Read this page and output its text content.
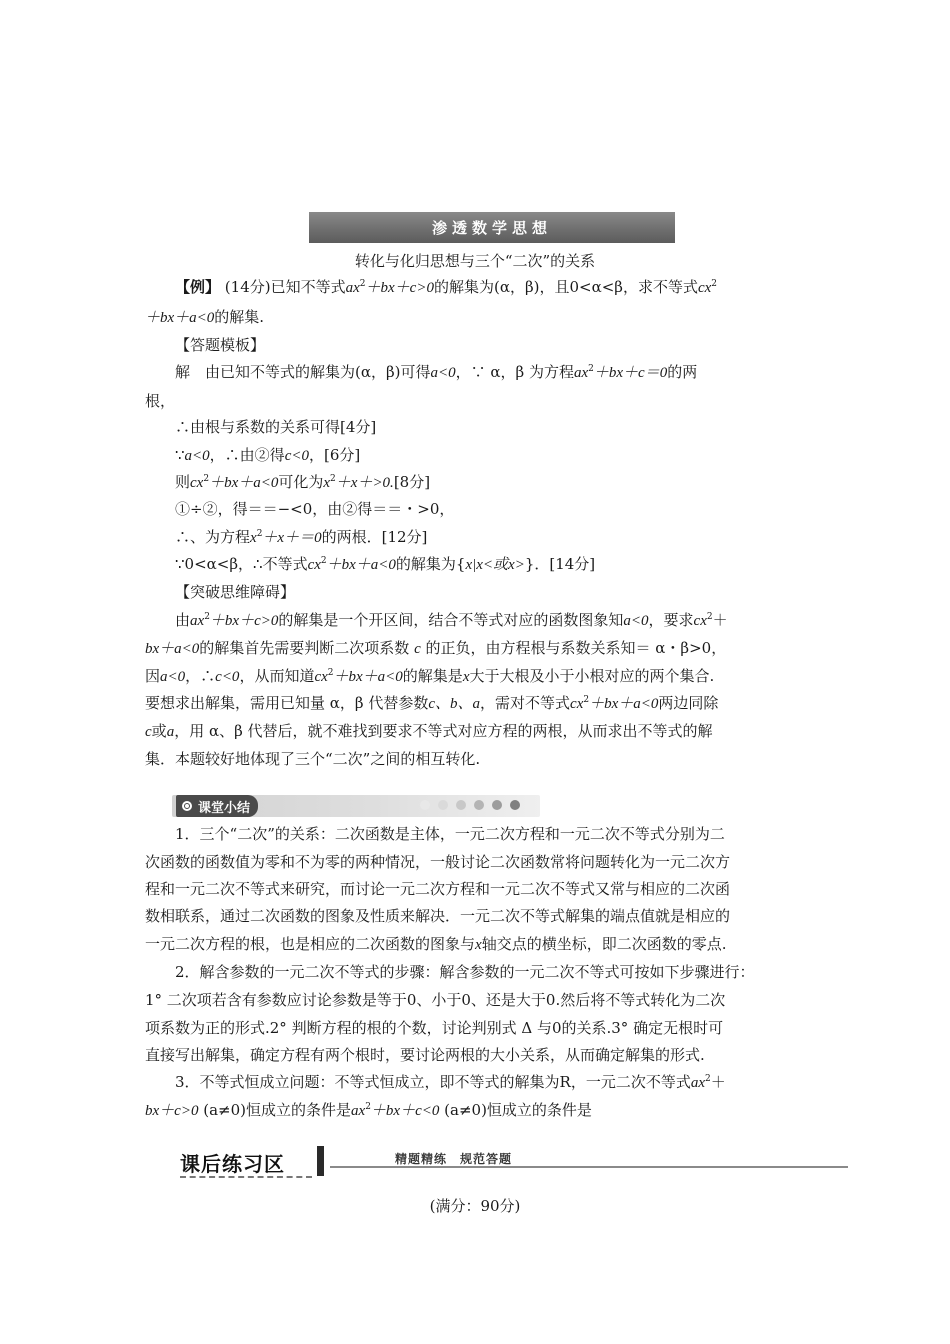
渗透数学思想
转化与化归思想与三个“二次”的关系
【例】 (14分)已知不等式$ax^2+bx+c>0$的解集为(α，β)，且0<α<β，求不等式$cx^2$
＋bx＋a<0的解集.
【答题模板】
解　由已知不等式的解集为(α，β)可得a<0，∵ α，β 为方程$ax^2+bx+c=0$的两
根，
∴由根与系数的关系可得[4分]
∵a<0，∴由②得c<0，[6分]
则$cx^2+bx+a<0$可化为$x^2+x+>0.[8$分]
①÷②，得＝＝−<0，由②得＝＝・>0，
∴、为方程$x^2+x+=0$的两根．[12分]
∵0<α<β，∴不等式$cx^2+bx+a<0$的解集为{x|x<或x>}．[14分]
【突破思维障碍】
由$ax^2+bx+c>0$的解集是一个开区间，结合不等式对应的函数图象知a<0，要求$cx^2+$
bx＋a<0的解集首先需要判断二次项系数 c 的正负，由方程根与系数关系知＝ α・β>0，
因a<0，∴c<0，从而知道$cx^2+bx+a<0$的解集是x大于大根及小于小根对应的两个集合.
要想求出解集，需用已知量 α，β 代替参数c、b、a，需对不等式$cx^2+bx+a<0$两边同除
c或a，用 α、β 代替后，就不难找到要求不等式对应方程的两根，从而求出不等式的解
集．本题较好地体现了三个“二次”之间的相互转化.
课堂小结
1．三个“二次”的关系：二次函数是主体，一元二次方程和一元二次不等式分别为二
次函数的函数值为零和不为零的两种情况，一般讨论二次函数常将问题转化为一元二次方
程和一元二次不等式来研究，而讨论一元二次方程和一元二次不等式又常与相应的二次函
数相联系，通过二次函数的图象及性质来解决．一元二次不等式解集的端点值就是相应的
一元二次方程的根，也是相应的二次函数的图象与x轴交点的横坐标，即二次函数的零点.
2．解含参数的一元二次不等式的步骤：解含参数的一元二次不等式可按如下步骤进行：
1° 二次项若含有参数应讨论参数是等于0、小于0、还是大于0.然后将不等式转化为二次
项系数为正的形式.2° 判断方程的根的个数，讨论判别式 Δ 与0的关系.3° 确定无根时可
直接写出解集，确定方程有两个根时，要讨论两根的大小关系，从而确定解集的形式.
3．不等式恒成立问题：不等式恒成立，即不等式的解集为R，一元二次不等式$ax^2+$
bx＋c>0 (a≠0)恒成立的条件是$ax^2+bx+c<0$ (a≠0)恒成立的条件是
课后练习区	精题精练　规范答题
(满分：90分)
